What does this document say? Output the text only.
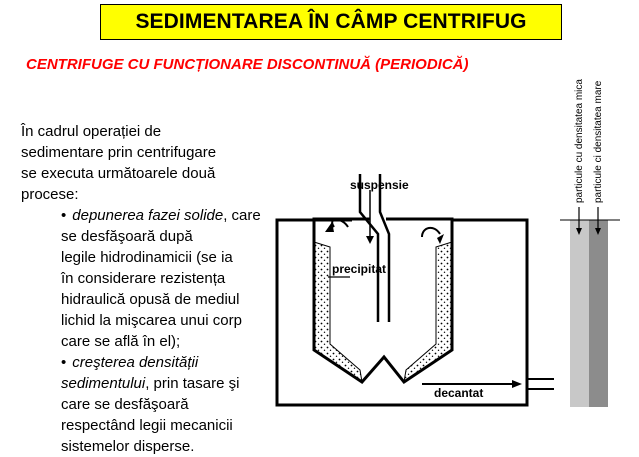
SEDIMENTAREA ÎN CÂMP CENTRIFUG
CENTRIFUGE CU FUNCȚIONARE DISCONTINUĂ (PERIODICĂ)
În cadrul operației de
sedimentare prin centrifugare
se executa următoarele două
procese:
• depunerea fazei solide, care se desfăşoară după
legile hidrodinamicii (se ia
în considerare rezistența
hidraulică opusă de mediul
lichid la mişcarea unui corp
care se află în el);
• creşterea densității
sedimentului, prin tasare şi
care se desfăşoară
respectând legii mecanicii
sistemelor disperse.
suspensie
precipitat
decantat
particule cu densitatea mica particule ci densitatea mare
